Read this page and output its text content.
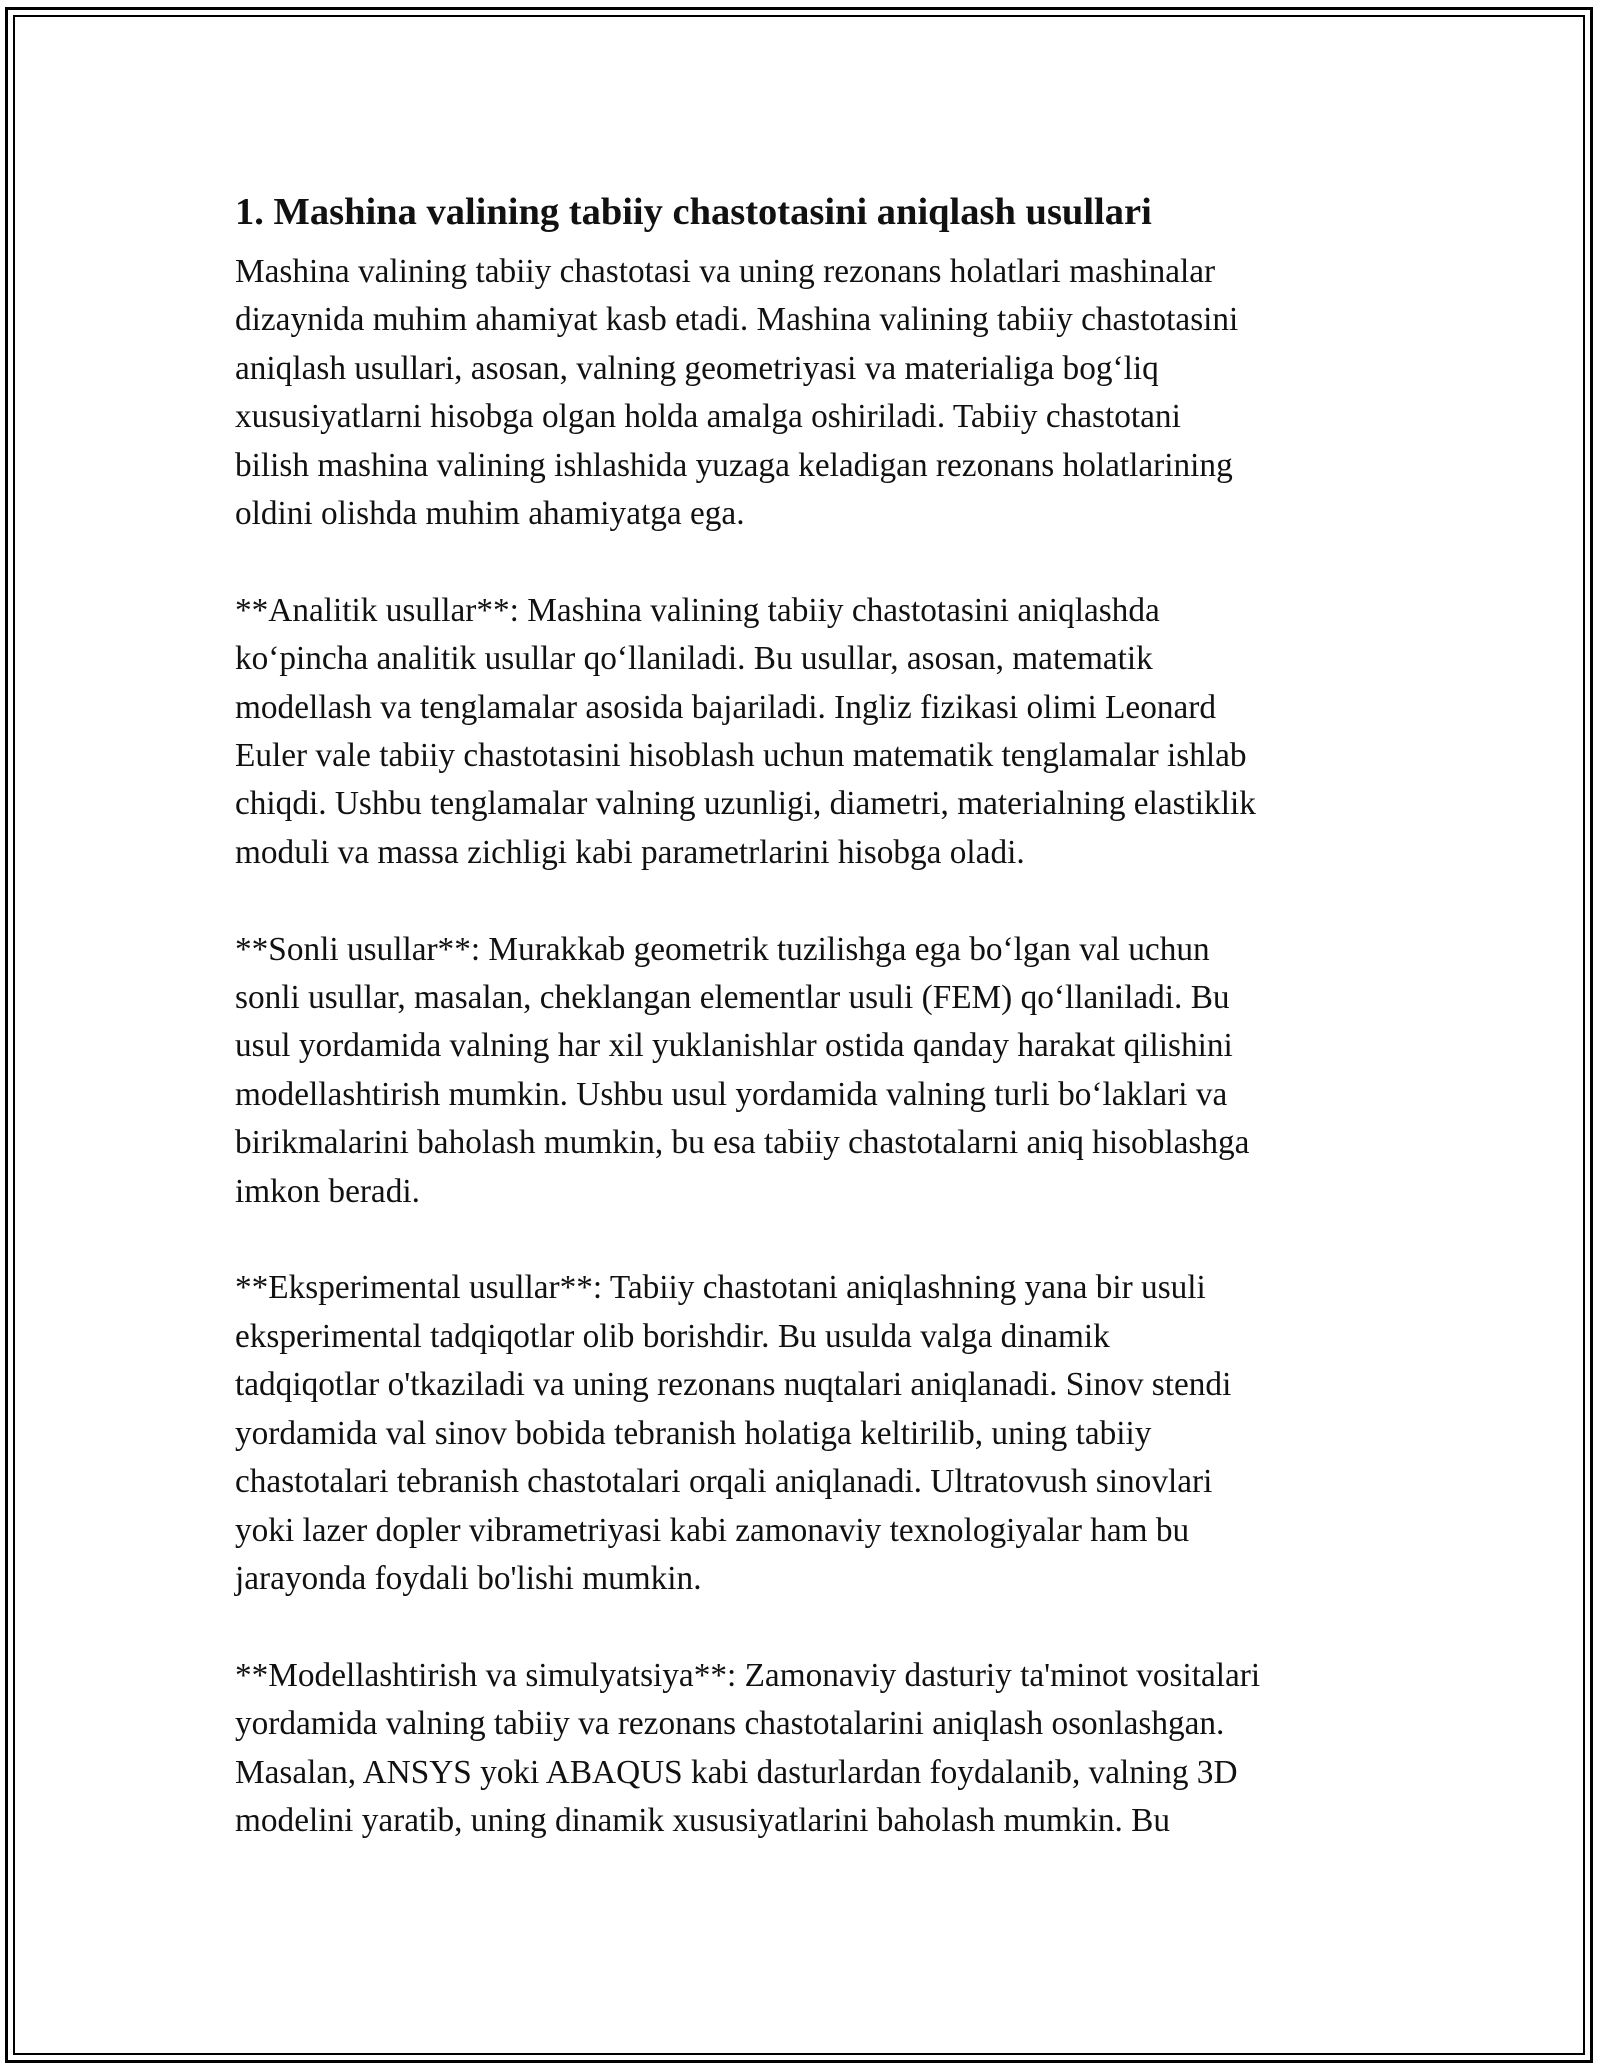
1. Mashina valining tabiiy chastotasini aniqlash usullari

Mashina valining tabiiy chastotasi va uning rezonans holatlari mashinalar
dizaynida muhim ahamiyat kasb etadi. Mashina valining tabiiy chastotasini
aniqlash usullari, asosan, valning geometriyasi va materialiga bog‘liq
xususiyatlarni hisobga olgan holda amalga oshiriladi. Tabiiy chastotani
bilish mashina valining ishlashida yuzaga keladigan rezonans holatlarining
oldini olishda muhim ahamiyatga ega.

**Analitik usullar**: Mashina valining tabiiy chastotasini aniqlashda
ko‘pincha analitik usullar qo‘llaniladi. Bu usullar, asosan, matematik
modellash va tenglamalar asosida bajariladi. Ingliz fizikasi olimi Leonard
Euler vale tabiiy chastotasini hisoblash uchun matematik tenglamalar ishlab
chiqdi. Ushbu tenglamalar valning uzunligi, diametri, materialning elastiklik
moduli va massa zichligi kabi parametrlarini hisobga oladi.

**Sonli usullar**: Murakkab geometrik tuzilishga ega bo‘lgan val uchun
sonli usullar, masalan, cheklangan elementlar usuli (FEM) qo‘llaniladi. Bu
usul yordamida valning har xil yuklanishlar ostida qanday harakat qilishini
modellashtirish mumkin. Ushbu usul yordamida valning turli bo‘laklari va
birikmalarini baholash mumkin, bu esa tabiiy chastotalarni aniq hisoblashga
imkon beradi.

**Eksperimental usullar**: Tabiiy chastotani aniqlashning yana bir usuli
eksperimental tadqiqotlar olib borishdir. Bu usulda valga dinamik
tadqiqotlar o'tkaziladi va uning rezonans nuqtalari aniqlanadi. Sinov stendi
yordamida val sinov bobida tebranish holatiga keltirilib, uning tabiiy
chastotalari tebranish chastotalari orqali aniqlanadi. Ultratovush sinovlari
yoki lazer dopler vibrametriyasi kabi zamonaviy texnologiyalar ham bu
jarayonda foydali bo'lishi mumkin.

**Modellashtirish va simulyatsiya**: Zamonaviy dasturiy ta'minot vositalari
yordamida valning tabiiy va rezonans chastotalarini aniqlash osonlashgan.
Masalan, ANSYS yoki ABAQUS kabi dasturlardan foydalanib, valning 3D
modelini yaratib, uning dinamik xususiyatlarini baholash mumkin. Bu
